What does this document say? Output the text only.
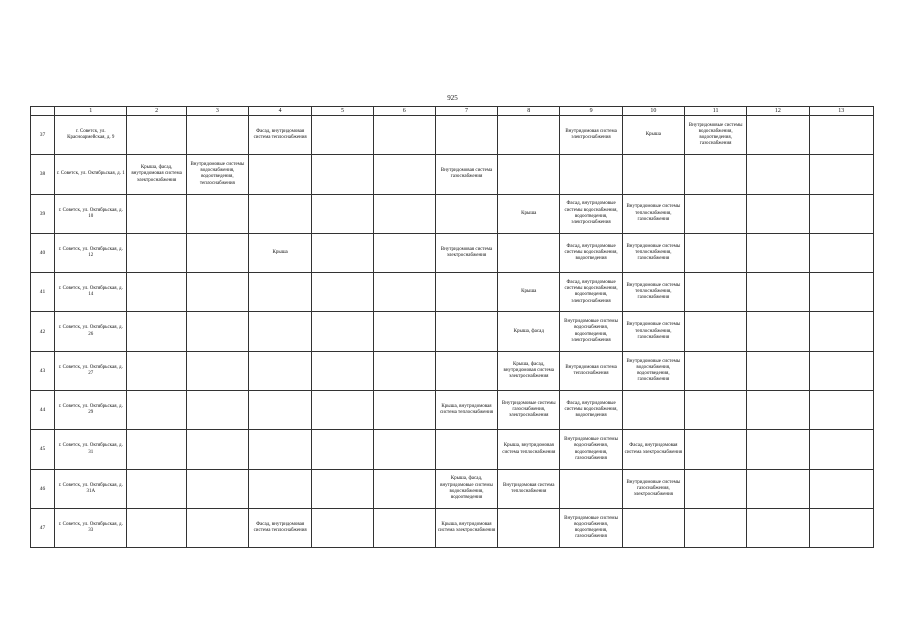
925
	1	2	3	4	5	6	7	8	9	10	11	12	13
37	г. Советск, ул. Красноармейская, д. 9			Фасад, внутридомовая система теплоснабжения					Внутридомовая система электроснабжения	Крыша	Внутридомовые системы водоснабжения, водоотведения, газоснабжения		
38	г. Советск, ул. Октябрьская, д. 1	Крыша, фасад, внутридомовая система электроснабжения	Внутридомовые системы водоснабжения, водоотведения, теплоснабжения				Внутридомовая система газоснабжения						
39	г. Советск, ул. Октябрьская, д. 10							Крыша	Фасад, внутридомовые системы водоснабжения, водоотведения, электроснабжения	Внутридомовые системы теплоснабжения, газоснабжения			
40	г. Советск, ул. Октябрьская, д. 12			Крыша			Внутридомовая система электроснабжения		Фасад, внутридомовые системы водоснабжения, водоотведения	Внутридомовые системы теплоснабжения, газоснабжения			
41	г. Советск, ул. Октябрьская, д. 14							Крыша	Фасад, внутридомовые системы водоснабжения, водоотведения, электроснабжения	Внутридомовые системы теплоснабжения, газоснабжения			
42	г. Советск, ул. Октябрьская, д. 26							Крыша, фасад	Внутридомовые системы водоснабжения, водоотведения, электроснабжения	Внутридомовые системы теплоснабжения, газоснабжения			
43	г. Советск, ул. Октябрьская, д. 27							Крыша, фасад, внутридомовая система электроснабжения	Внутридомовая система теплоснабжения	Внутридомовые системы водоснабжения, водоотведения, газоснабжения			
44	г. Советск, ул. Октябрьская, д. 29						Крыша, внутридомовая система теплоснабжения	Внутридомовые системы газоснабжения, электроснабжения	Фасад, внутридомовые системы водоснабжения, водоотведения				
45	г. Советск, ул. Октябрьская, д. 31							Крыша, внутридомовая система теплоснабжения	Внутридомовые системы водоснабжения, водоотведения, газоснабжения	Фасад, внутридомовая система электроснабжения			
46	г. Советск, ул. Октябрьская, д. 31А						Крыша, фасад, внутридомовые системы водоснабжения, водоотведения	Внутридомовая система теплоснабжения		Внутридомовые системы газоснабжения, электроснабжения			
47	г. Советск, ул. Октябрьская, д. 33			Фасад, внутридомовая система теплоснабжения			Крыша, внутридомовая система электроснабжения		Внутридомовые системы водоснабжения, водоотведения, газоснабжения				
